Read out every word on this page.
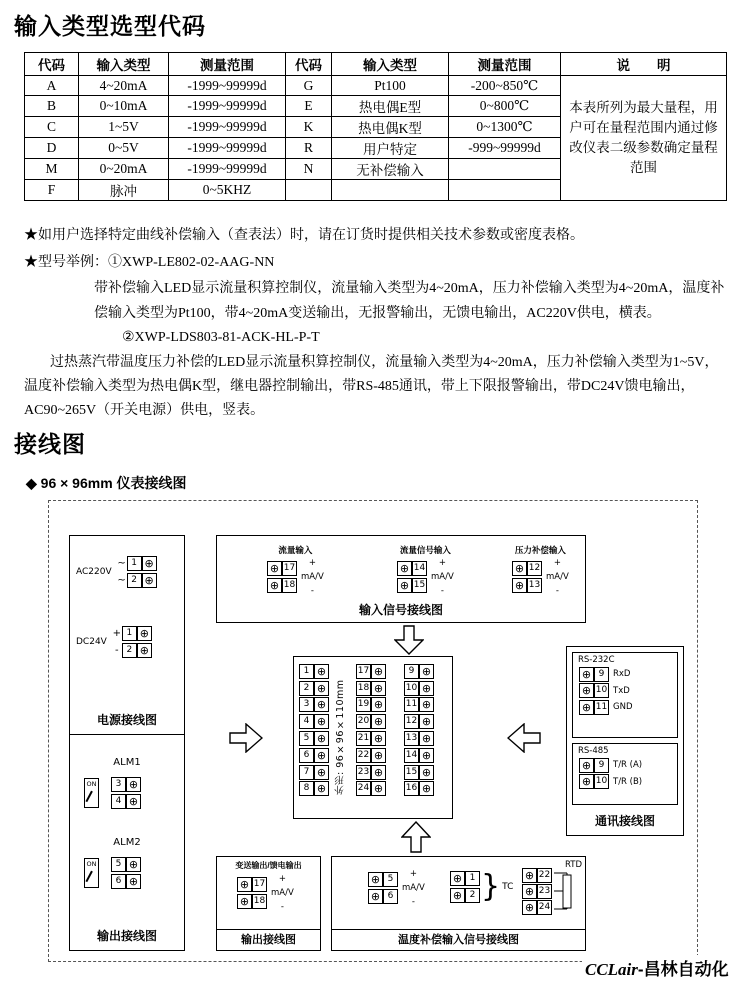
输入类型选型代码
代码	输入类型	测量范围	代码	输入类型	测量范围	说　　明
A	4~20mA	-1999~99999d	G	Pt100	-200~850℃	本表所列为最大量程，用户可在量程范围内通过修改仪表二级参数确定量程范围
B	0~10mA	-1999~99999d	E	热电偶E型	0~800℃	
C	1~5V	-1999~99999d	K	热电偶K型	0~1300℃	
D	0~5V	-1999~99999d	R	用户特定	-999~99999d	
M	0~20mA	-1999~99999d	N	无补偿输入		
F	脉冲	0~5KHZ				
★如用户选择特定曲线补偿输入（查表法）时，请在订货时提供相关技术参数或密度表格。
★型号举例：①XWP-LE802-02-AAG-NN
带补偿输入LED显示流量积算控制仪，流量输入类型为4~20mA，压力补偿输入类型为4~20mA，温度补偿输入类型为Pt100，带4~20mA变送输出，无报警输出，无馈电输出，AC220V供电，横表。
②XWP-LDS803-81-ACK-HL-P-T
过热蒸汽带温度压力补偿的LED显示流量积算控制仪，流量输入类型为4~20mA，压力补偿输入类型为1~5V，温度补偿输入类型为热电偶K型，继电器控制输出，带RS-485通讯，带上下限报警输出，带DC24V馈电输出，AC90~265V（开关电源）供电，竖表。
接线图
◆ 96 × 96mm 仪表接线图
AC220V
~ 1 ⊕
~ 2 ⊕
DC24V
+ 1 ⊕
- 2 ⊕
电源接线图
ALM1
ON	3 ⊕
4 ⊕
ALM2
ON	5 ⊕
6 ⊕
输出接线图
流量输入
⊕ 17
⊕ 18
+
mA/V
-
流量信号输入
⊕ 14
⊕ 15
+
mA/V
-
压力补偿输入
⊕ 12
⊕ 13
+
mA/V
-
输入信号接线图
1 ⊕
2 ⊕
3 ⊕
4 ⊕
5 ⊕
6 ⊕
7 ⊕
8 ⊕ 外形: 96×96×110mm
17 ⊕
18 ⊕
19 ⊕
20 ⊕
21 ⊕
22 ⊕
23 ⊕
24 ⊕
9 ⊕
10 ⊕
11 ⊕
12 ⊕
13 ⊕
14 ⊕
15 ⊕
16 ⊕
RS-232C
⊕ 9	RxD
⊕ 10 TxD
⊕ 11 GND
RS-485
⊕ 9	T/R (A)
⊕ 10 T/R (B)
通讯接线图
变送输出/馈电输出
⊕ 17
⊕ 18
+
mA/V
-
输出接线图
⊕ 5
⊕ 6
+
mA/V
-
⊕ 1
⊕ 2 } TC
RTD
⊕ 22
⊕ 23
⊕ 24
温度补偿输入信号接线图
CCLair-昌林自动化
